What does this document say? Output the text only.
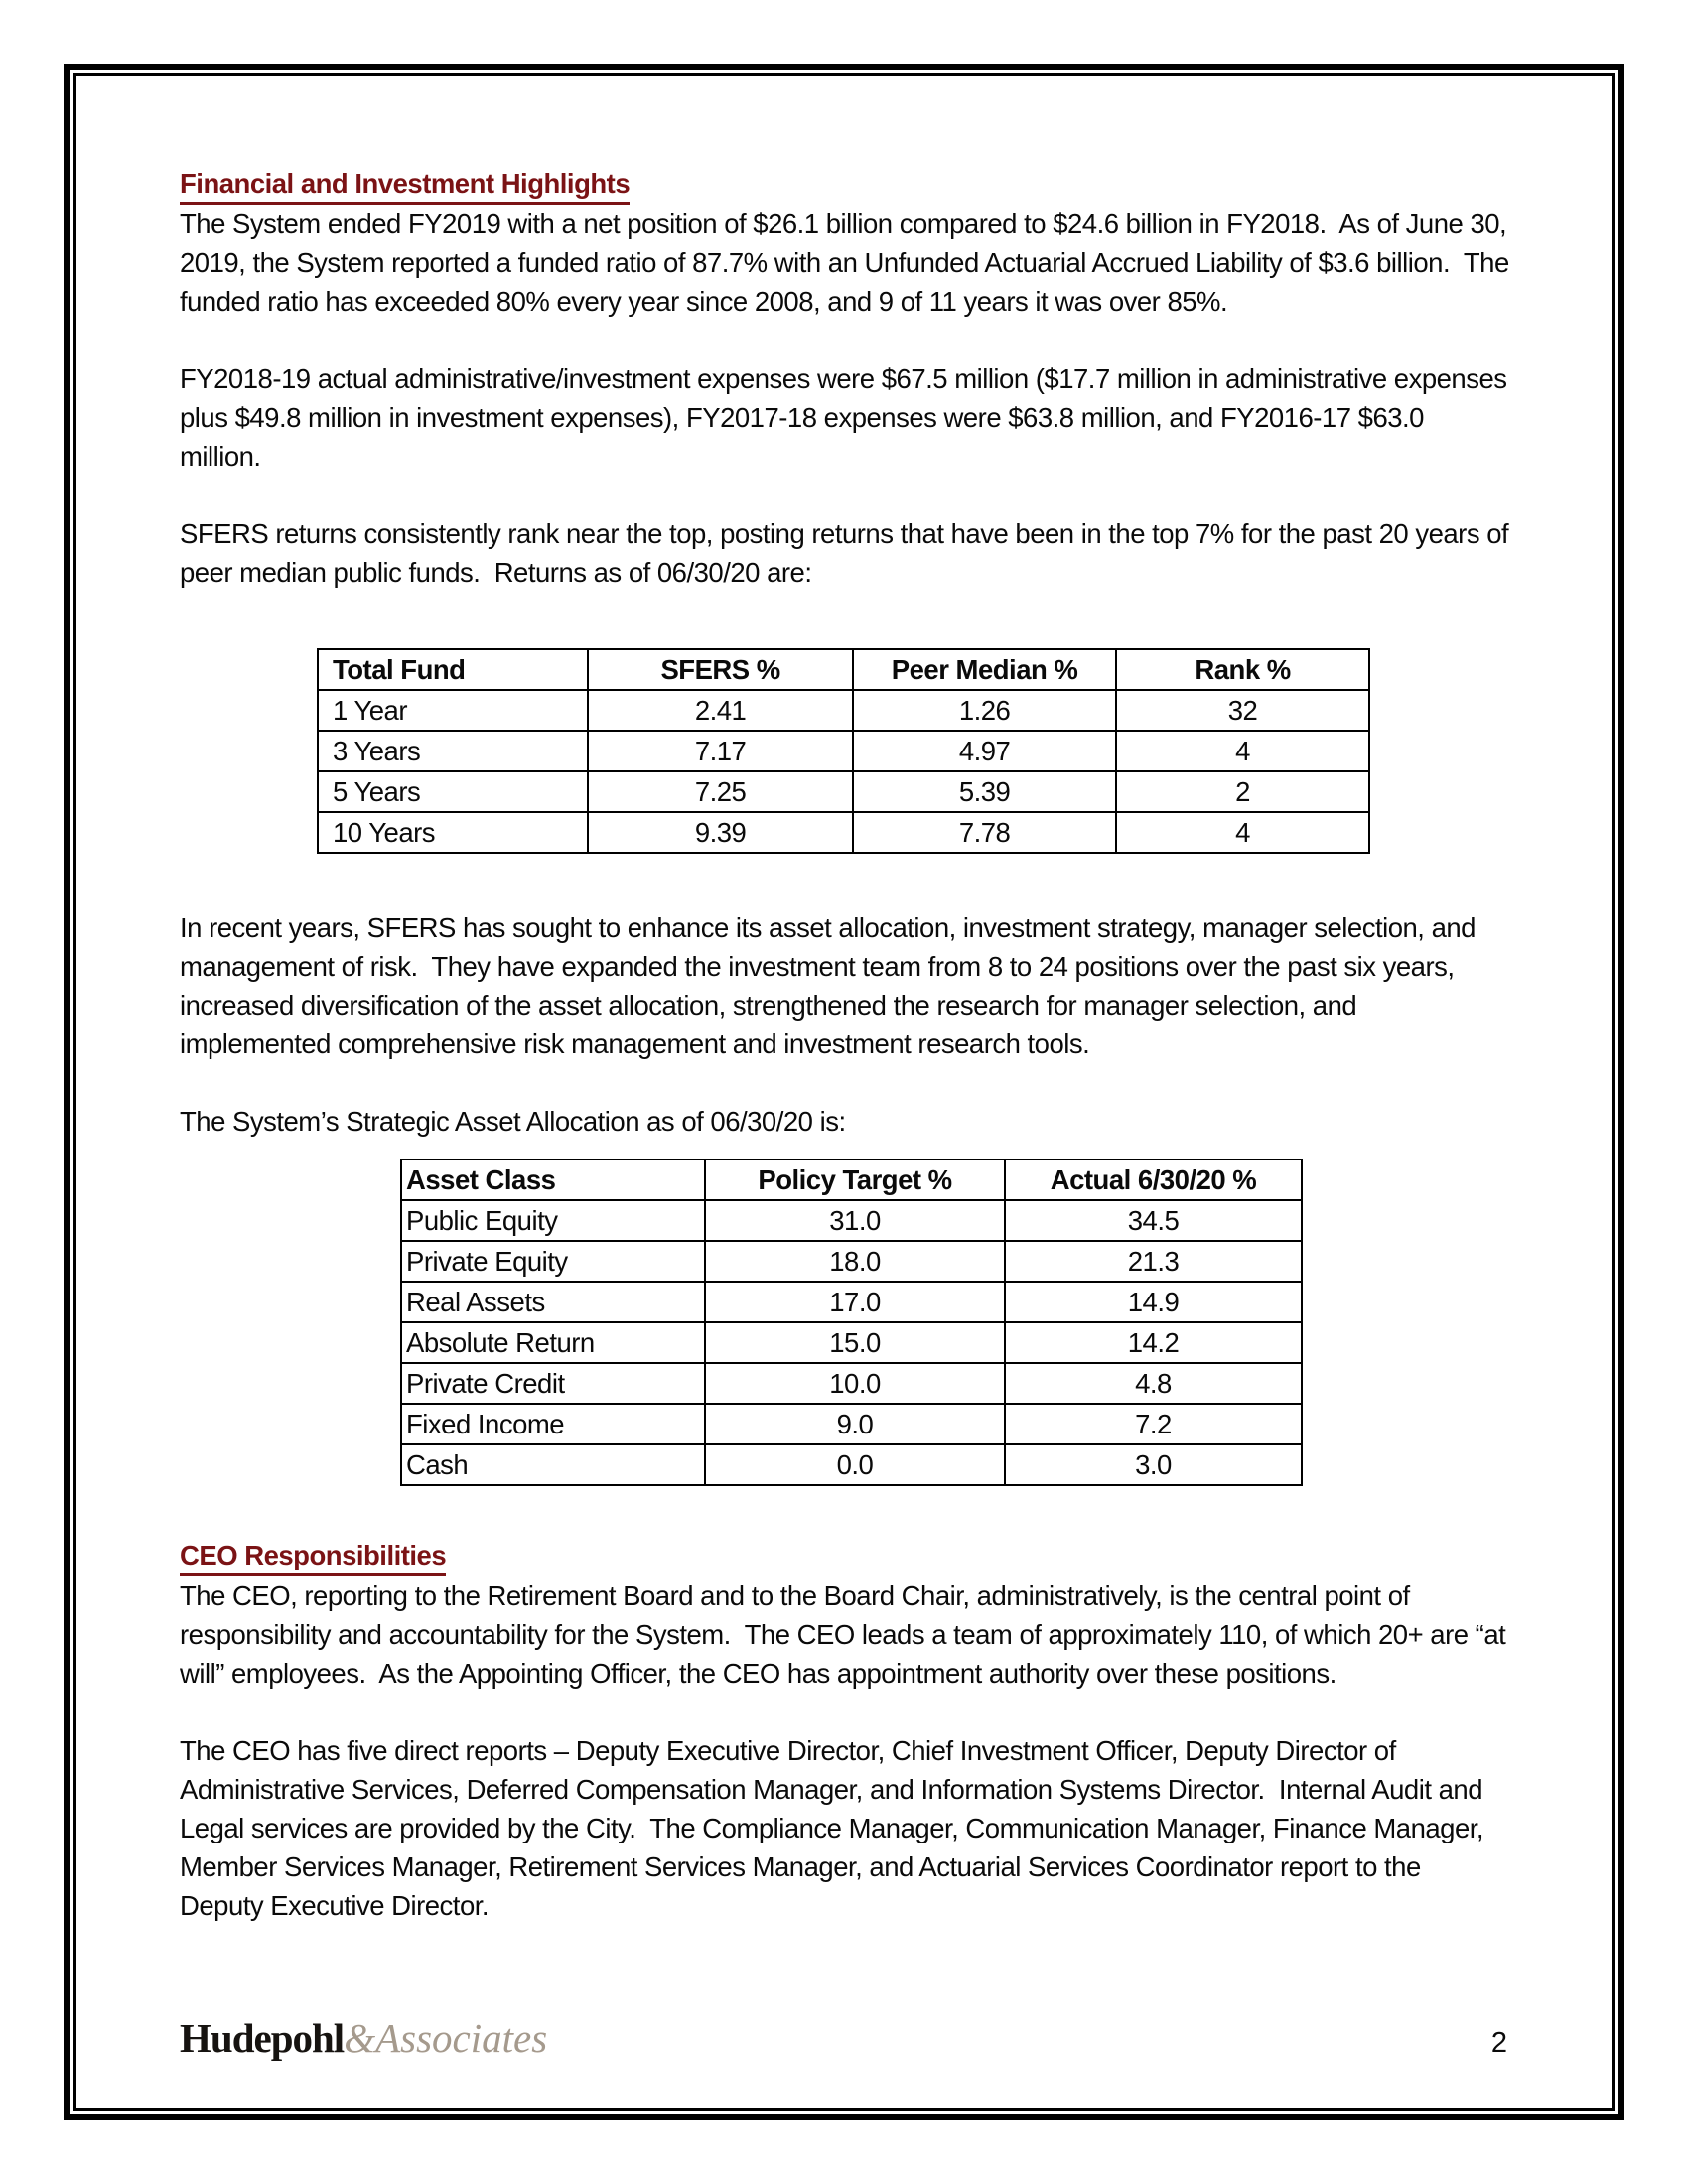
Financial and Investment Highlights

The System ended FY2019 with a net position of $26.1 billion compared to $24.6 billion in FY2018.  As of June 30, 2019, the System reported a funded ratio of 87.7% with an Unfunded Actuarial Accrued Liability of $3.6 billion.  The funded ratio has exceeded 80% every year since 2008, and 9 of 11 years it was over 85%.

FY2018-19 actual administrative/investment expenses were $67.5 million ($17.7 million in administrative expenses plus $49.8 million in investment expenses), FY2017-18 expenses were $63.8 million, and FY2016-17 $63.0 million.

SFERS returns consistently rank near the top, posting returns that have been in the top 7% for the past 20 years of peer median public funds.  Returns as of 06/30/20 are:

Total Fund	SFERS %	Peer Median %	Rank %
1 Year	2.41	1.26	32
3 Years	7.17	4.97	4
5 Years	7.25	5.39	2
10 Years	9.39	7.78	4

In recent years, SFERS has sought to enhance its asset allocation, investment strategy, manager selection, and management of risk.  They have expanded the investment team from 8 to 24 positions over the past six years, increased diversification of the asset allocation, strengthened the research for manager selection, and implemented comprehensive risk management and investment research tools.

The System’s Strategic Asset Allocation as of 06/30/20 is:

Asset Class	Policy Target %	Actual 6/30/20 %
Public Equity	31.0	34.5
Private Equity	18.0	21.3
Real Assets	17.0	14.9
Absolute Return	15.0	14.2
Private Credit	10.0	4.8
Fixed Income	9.0	7.2
Cash	0.0	3.0
CEO Responsibilities

The CEO, reporting to the Retirement Board and to the Board Chair, administratively, is the central point of responsibility and accountability for the System.  The CEO leads a team of approximately 110, of which 20+ are “at will” employees.  As the Appointing Officer, the CEO has appointment authority over these positions.

The CEO has five direct reports – Deputy Executive Director, Chief Investment Officer, Deputy Director of Administrative Services, Deferred Compensation Manager, and Information Systems Director.  Internal Audit and Legal services are provided by the City.  The Compliance Manager, Communication Manager, Finance Manager, Member Services Manager, Retirement Services Manager, and Actuarial Services Coordinator report to the Deputy Executive Director.

Hudepohl&Associates	2
